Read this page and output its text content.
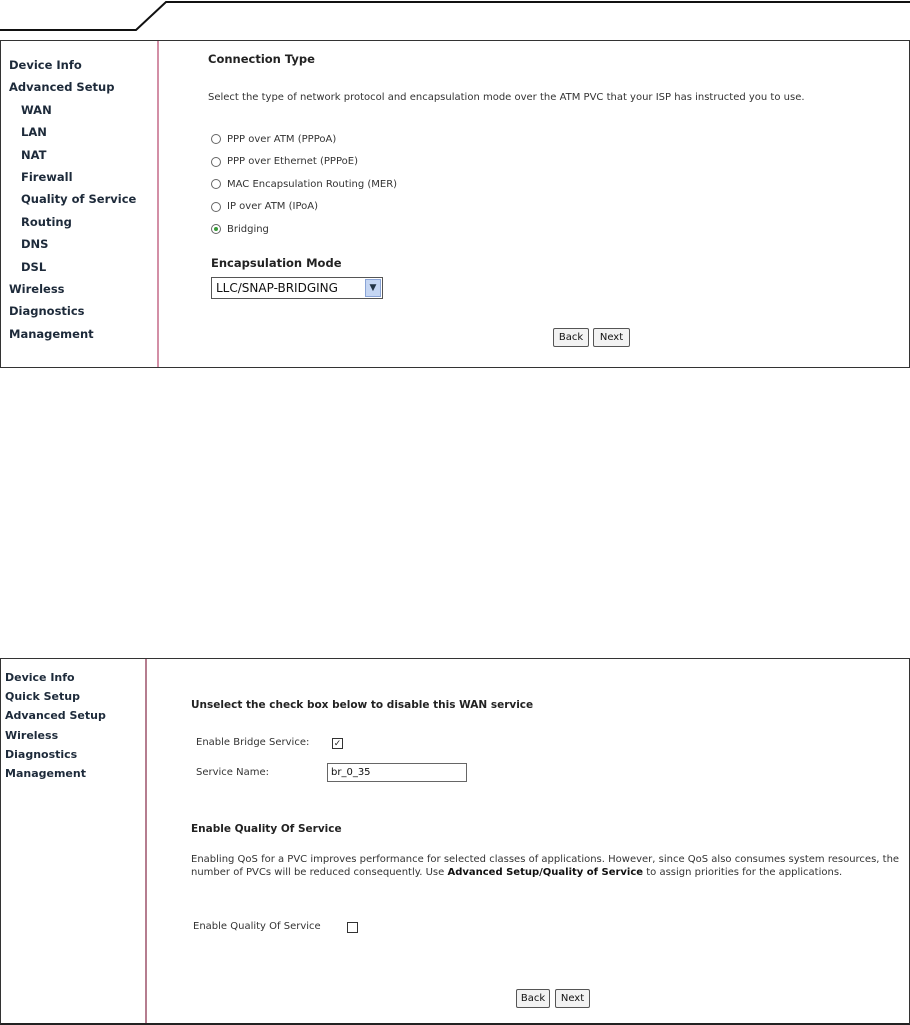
Device Info
Advanced Setup
WAN
LAN
NAT
Firewall
Quality of Service
Routing
DNS
DSL
Wireless
Diagnostics
Management
Connection Type
Select the type of network protocol and encapsulation mode over the ATM PVC that your ISP has instructed you to use.
PPP over ATM (PPPoA)
PPP over Ethernet (PPPoE)
MAC Encapsulation Routing (MER)
IP over ATM (IPoA)
Bridging
Encapsulation Mode
LLC/SNAP-BRIDGING	▼
Back	Next
Device Info
Quick Setup
Advanced Setup
Wireless
Diagnostics
Management
Unselect the check box below to disable this WAN service
Enable Bridge Service:	✓
Service Name:	br_0_35
Enable Quality Of Service
Enabling QoS for a PVC improves performance for selected classes of applications. However, since QoS also consumes system resources, the number of PVCs will be reduced consequently. Use Advanced Setup/Quality of Service to assign priorities for the applications.
Enable Quality Of Service
Back	Next
